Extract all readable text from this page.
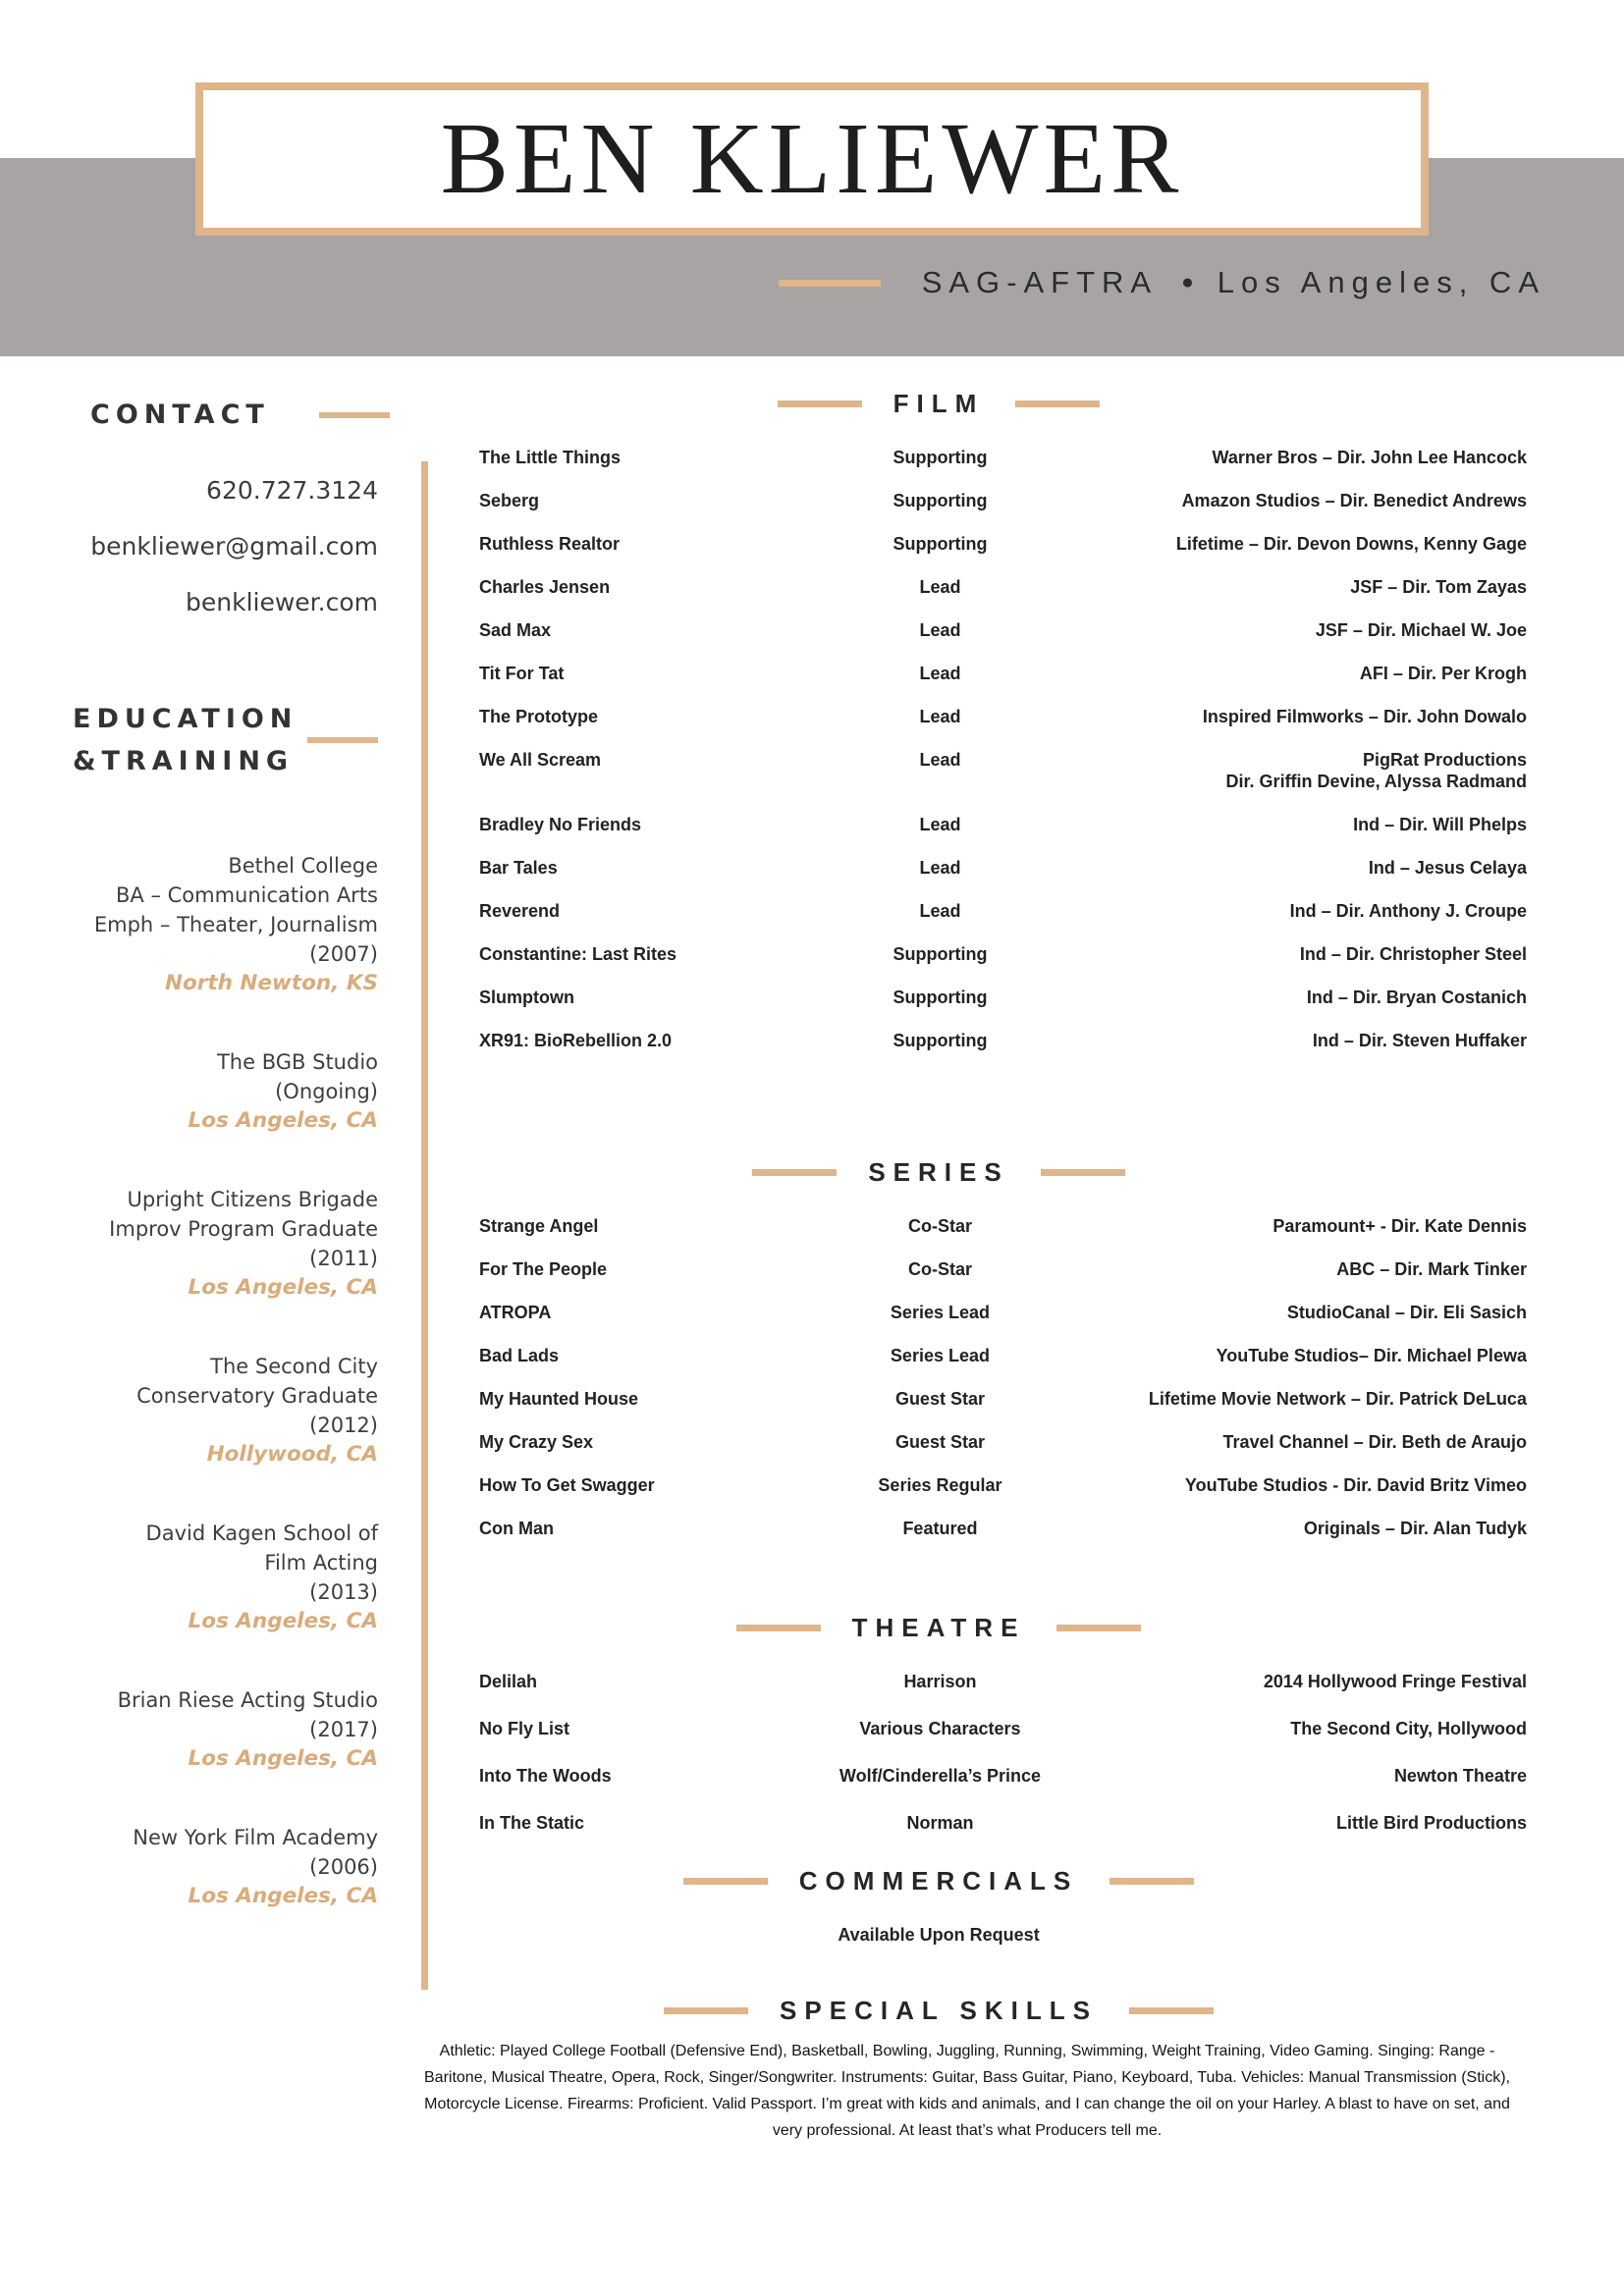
BEN KLIEWER
SAG-AFTRA ● Los Angeles, CA
CONTACT
620.727.3124
benkliewer@gmail.com
benkliewer.com
EDUCATION
&TRAINING
Bethel College
BA – Communication Arts
Emph – Theater, Journalism
(2007)
North Newton, KS
The BGB Studio
(Ongoing)
Los Angeles, CA
Upright Citizens Brigade
Improv Program Graduate
(2011)
Los Angeles, CA
The Second City
Conservatory Graduate
(2012)
Hollywood, CA
David Kagen School of
Film Acting
(2013)
Los Angeles, CA
Brian Riese Acting Studio
(2017)
Los Angeles, CA
New York Film Academy
(2006)
Los Angeles, CA
FILM
The Little Things	Supporting	Warner Bros – Dir. John Lee Hancock
Seberg	Supporting	Amazon Studios – Dir. Benedict Andrews
Ruthless Realtor	Supporting	Lifetime – Dir. Devon Downs, Kenny Gage
Charles Jensen	Lead	JSF – Dir. Tom Zayas
Sad Max	Lead	JSF – Dir. Michael W. Joe
Tit For Tat	Lead	AFI – Dir. Per Krogh
The Prototype	Lead	Inspired Filmworks – Dir. John Dowalo
We All Scream	Lead	PigRat Productions
Dir. Griffin Devine, Alyssa Radmand
Bradley No Friends	Lead	Ind – Dir. Will Phelps
Bar Tales	Lead	Ind – Jesus Celaya
Reverend	Lead	Ind – Dir. Anthony J. Croupe
Constantine: Last Rites	Supporting	Ind – Dir. Christopher Steel
Slumptown	Supporting	Ind – Dir. Bryan Costanich
XR91: BioRebellion 2.0	Supporting	Ind – Dir. Steven Huffaker
SERIES
Strange Angel	Co-Star	Paramount+ - Dir. Kate Dennis
For The People	Co-Star	ABC – Dir. Mark Tinker
ATROPA	Series Lead	StudioCanal – Dir. Eli Sasich
Bad Lads	Series Lead	YouTube Studios– Dir. Michael Plewa
My Haunted House	Guest Star	Lifetime Movie Network – Dir. Patrick DeLuca
My Crazy Sex	Guest Star	Travel Channel – Dir. Beth de Araujo
How To Get Swagger	Series Regular	YouTube Studios - Dir. David Britz Vimeo
Con Man	Featured	Originals – Dir. Alan Tudyk
THEATRE
Delilah	Harrison	2014 Hollywood Fringe Festival
No Fly List	Various Characters	The Second City, Hollywood
Into The Woods	Wolf/Cinderella’s Prince	Newton Theatre
In The Static	Norman	Little Bird Productions
COMMERCIALS
Available Upon Request
SPECIAL SKILLS

Athletic: Played College Football (Defensive End), Basketball, Bowling, Juggling, Running, Swimming, Weight Training, Video Gaming. Singing: Range - Baritone, Musical Theatre, Opera, Rock, Singer/Songwriter. Instruments: Guitar, Bass Guitar, Piano, Keyboard, Tuba. Vehicles: Manual Transmission (Stick), Motorcycle License. Firearms: Proficient. Valid Passport. I’m great with kids and animals, and I can change the oil on your Harley. A blast to have on set, and very professional. At least that’s what Producers tell me.
